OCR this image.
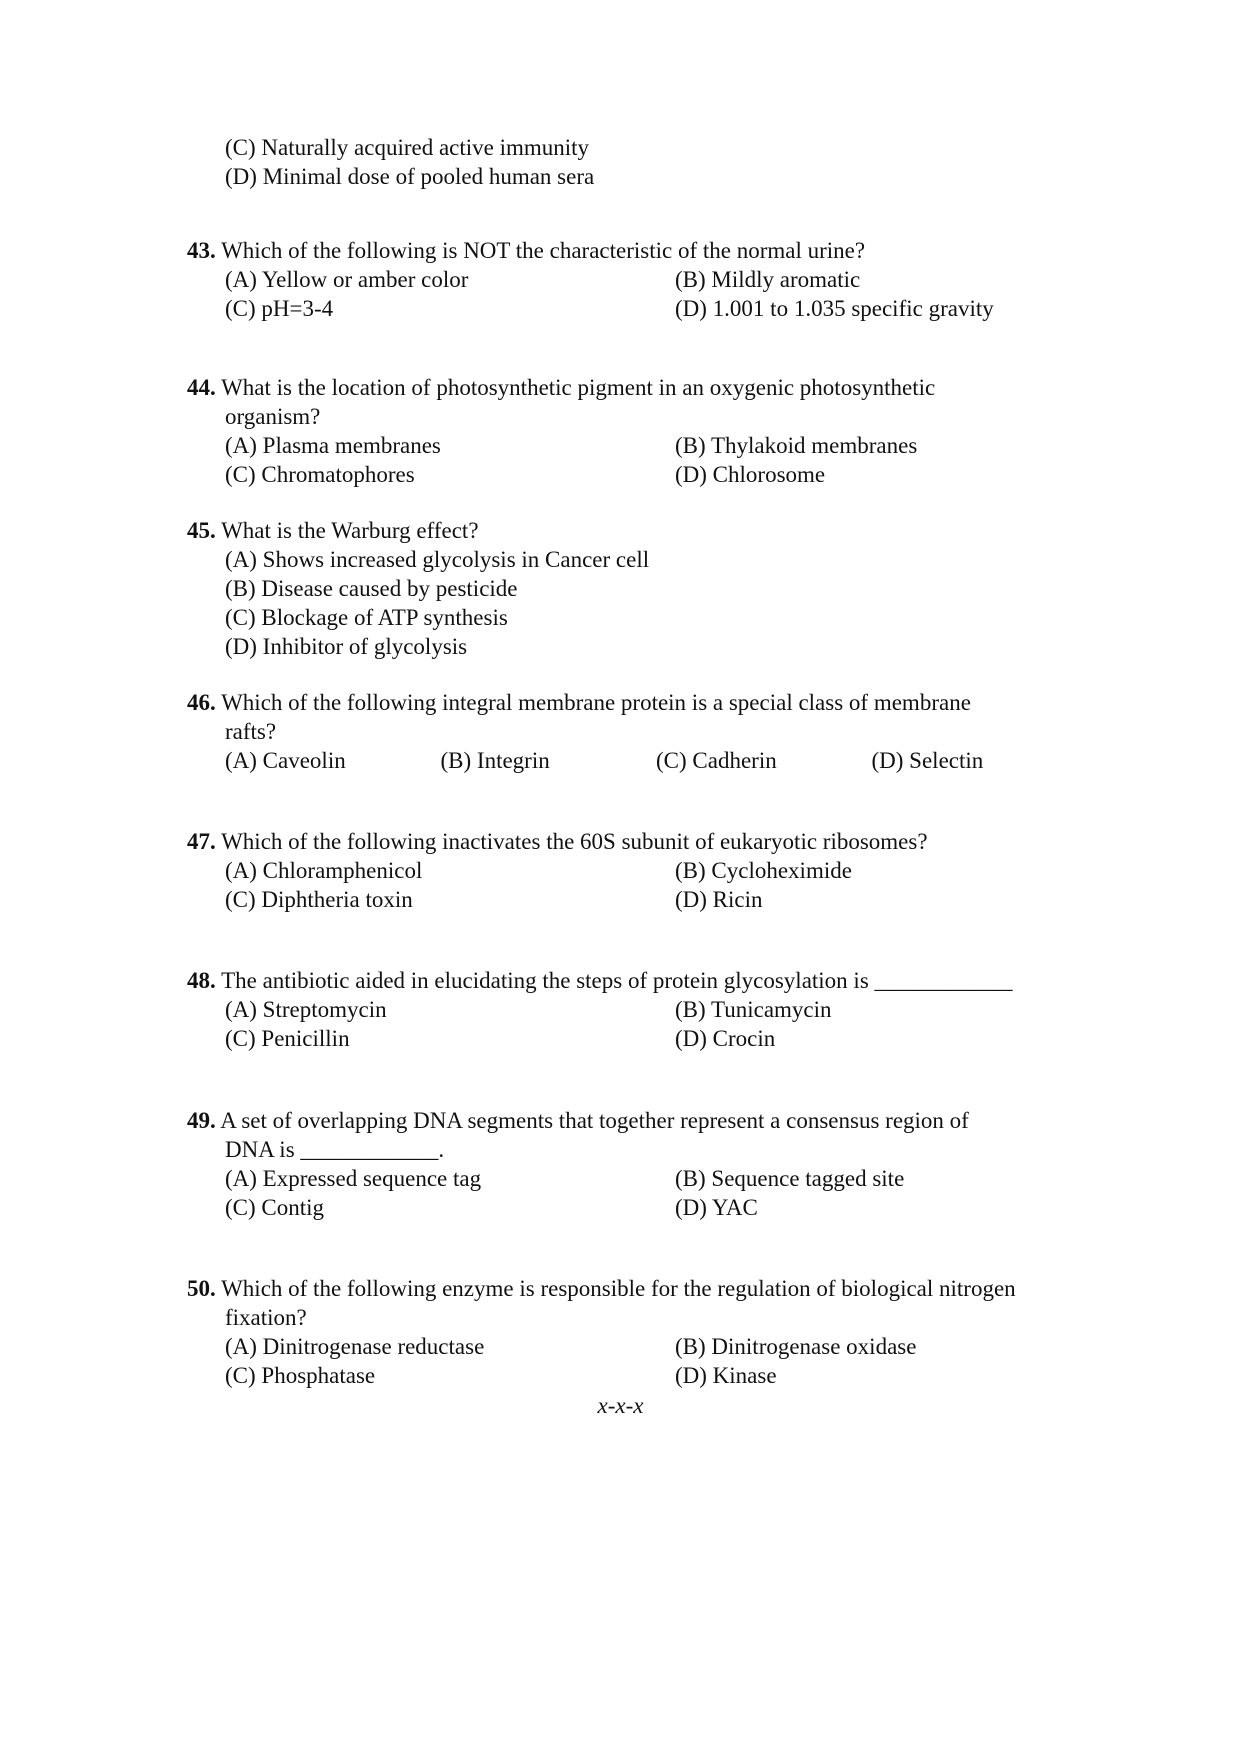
(C) Naturally acquired active immunity
(D) Minimal dose of pooled human sera
43. Which of the following is NOT the characteristic of the normal urine?
(A) Yellow or amber color	(B) Mildly aromatic
(C) pH=3-4	(D) 1.001 to 1.035 specific gravity
44. What is the location of photosynthetic pigment in an oxygenic photosynthetic
organism?
(A) Plasma membranes	(B) Thylakoid membranes
(C) Chromatophores	(D) Chlorosome
45. What is the Warburg effect?
(A) Shows increased glycolysis in Cancer cell
(B) Disease caused by pesticide
(C) Blockage of ATP synthesis
(D) Inhibitor of glycolysis
46. Which of the following integral membrane protein is a special class of membrane
rafts?
(A) Caveolin	(B) Integrin	(C) Cadherin	(D) Selectin
47. Which of the following inactivates the 60S subunit of eukaryotic ribosomes?
(A) Chloramphenicol	(B) Cycloheximide
(C) Diphtheria toxin	(D) Ricin
48. The antibiotic aided in elucidating the steps of protein glycosylation is ____________
(A) Streptomycin	(B) Tunicamycin
(C) Penicillin	(D) Crocin
49. A set of overlapping DNA segments that together represent a consensus region of
DNA is ____________.
(A) Expressed sequence tag	(B) Sequence tagged site
(C) Contig	(D) YAC
50. Which of the following enzyme is responsible for the regulation of biological nitrogen
fixation?
(A) Dinitrogenase reductase	(B) Dinitrogenase oxidase
(C) Phosphatase	(D) Kinase
x-x-x
